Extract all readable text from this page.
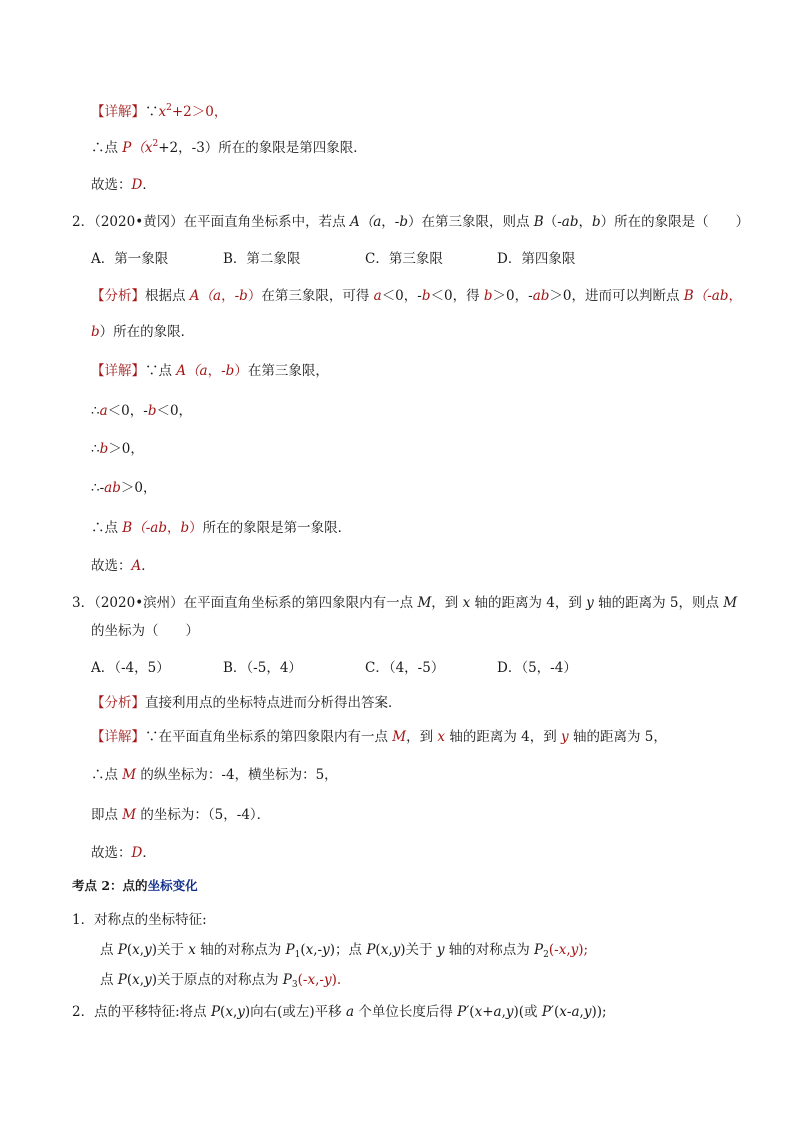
【详解】$\because x^2+2>0$，
∴点 $P(x^2+2$，-3）所在的象限是第四象限．
故选：D．
2．（2020•黄冈）在平面直角坐标系中，若点 A（a，-b）在第三象限，则点 B（-ab，b）所在的象限是（　　）
A．第一象限	B．第二象限	C．第三象限	D．第四象限
【分析】根据点 A（a，-b）在第三象限，可得 a＜0，-b＜0，得 b＞0，-ab＞0，进而可以判断点 B（-ab，
b）所在的象限．
【详解】∵点 A（a，-b）在第三象限，
∴a＜0，-b＜0，
∴b＞0，
∴-ab＞0，
∴点 B（-ab，b）所在的象限是第一象限．
故选：A．
3．（2020•滨州）在平面直角坐标系的第四象限内有一点 M，到 x 轴的距离为 4，到 y 轴的距离为 5，则点 M
的坐标为（　　）
A．（-4，5）	B．（-5，4）	C．（4，-5）	D．（5，-4）
【分析】直接利用点的坐标特点进而分析得出答案．
【详解】∵在平面直角坐标系的第四象限内有一点 M，到 x 轴的距离为 4，到 y 轴的距离为 5，
∴点 M 的纵坐标为：-4，横坐标为：5，
即点 M 的坐标为：（5，-4）．
故选：D．
考点 2：点的坐标变化
1．对称点的坐标特征:
点 P(x,y)关于 x 轴的对称点为 $P_1(x,-y)$；点 P(x,y)关于 y 轴的对称点为 $P_2(-x,y)$;
点 P(x,y)关于原点的对称点为 $P_3(-x,-y)$.
2．点的平移特征:将点 P(x,y)向右(或左)平移 a 个单位长度后得 P′(x+a,y)(或 P′(x-a,y));
